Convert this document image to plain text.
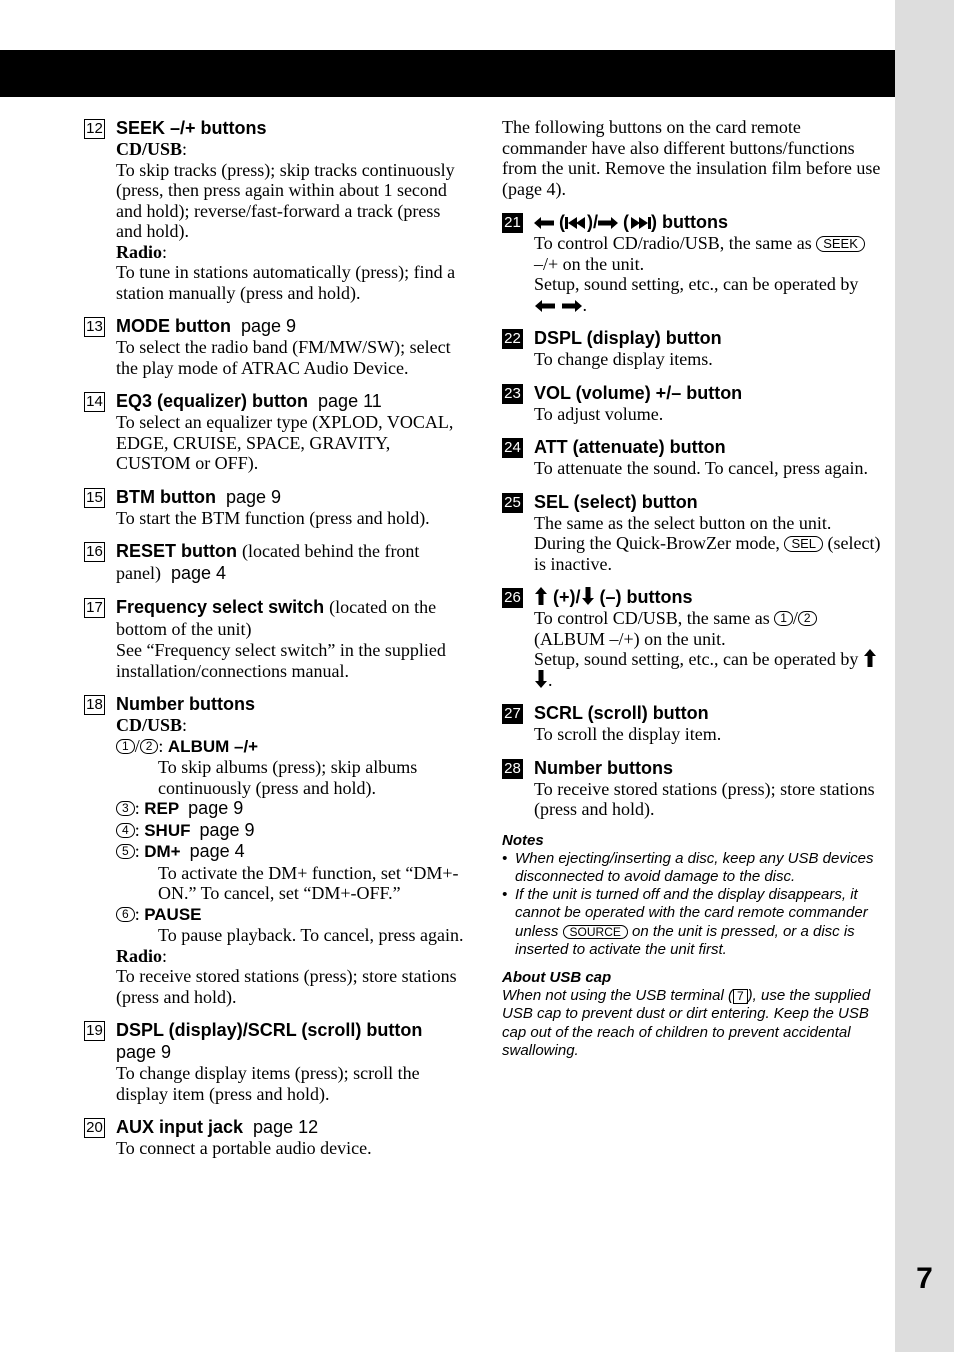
7
12 SEEK –/+ buttons
CD/USB:
To skip tracks (press); skip tracks continuously (press, then press again within about 1 second and hold); reverse/fast-forward a track (press and hold).
Radio:
To tune in stations automatically (press); find a station manually (press and hold).
13 MODE button page 9
To select the radio band (FM/MW/SW); select the play mode of ATRAC Audio Device.
14 EQ3 (equalizer) button page 11
To select an equalizer type (XPLOD, VOCAL, EDGE, CRUISE, SPACE, GRAVITY, CUSTOM or OFF).
15 BTM button page 9
To start the BTM function (press and hold).
16 RESET button (located behind the front panel) page 4
17 Frequency select switch (located on the bottom of the unit)
See “Frequency select switch” in the supplied installation/connections manual.
18 Number buttons
CD/USB:
1 / 2 : ALBUM –/+
To skip albums (press); skip albums continuously (press and hold).
3 : REP page 9
4 : SHUF page 9
5 : DM+ page 4
To activate the DM+ function, set “DM+-ON.” To cancel, set “DM+-OFF.”
6 : PAUSE
To pause playback. To cancel, press again.
Radio:
To receive stored stations (press); store stations (press and hold).
19 DSPL (display)/SCRL (scroll) button
page 9
To change display items (press); scroll the display item (press and hold).
20 AUX input jack page 12
To connect a portable audio device.
The following buttons on the card remote commander have also different buttons/functions from the unit. Remove the insulation film before use (page 4).
21	( )/ ( ) buttons
To control CD/radio/USB, the same as SEEK –/+ on the unit.
Setup, sound setting, etc., can be operated by  .
22 DSPL (display) button
To change display items.
23 VOL (volume) +/– button
To adjust volume.
24 ATT (attenuate) button
To attenuate the sound. To cancel, press again.
25 SEL (select) button
The same as the select button on the unit. During the Quick-BrowZer mode, SEL (select) is inactive.
26	(+)/ (–) buttons
To control CD/USB, the same as 1 / 2 (ALBUM –/+) on the unit.
Setup, sound setting, etc., can be operated by  .
27 SCRL (scroll) button
To scroll the display item.
28 Number buttons
To receive stored stations (press); store stations (press and hold).
Notes
• When ejecting/inserting a disc, keep any USB devices disconnected to avoid damage to the disc.
• If the unit is turned off and the display disappears, it cannot be operated with the card remote commander unless SOURCE on the unit is pressed, or a disc is inserted to activate the unit first.
About USB cap
When not using the USB terminal ( 7 ), use the supplied USB cap to prevent dust or dirt entering. Keep the USB cap out of the reach of children to prevent accidental swallowing.
